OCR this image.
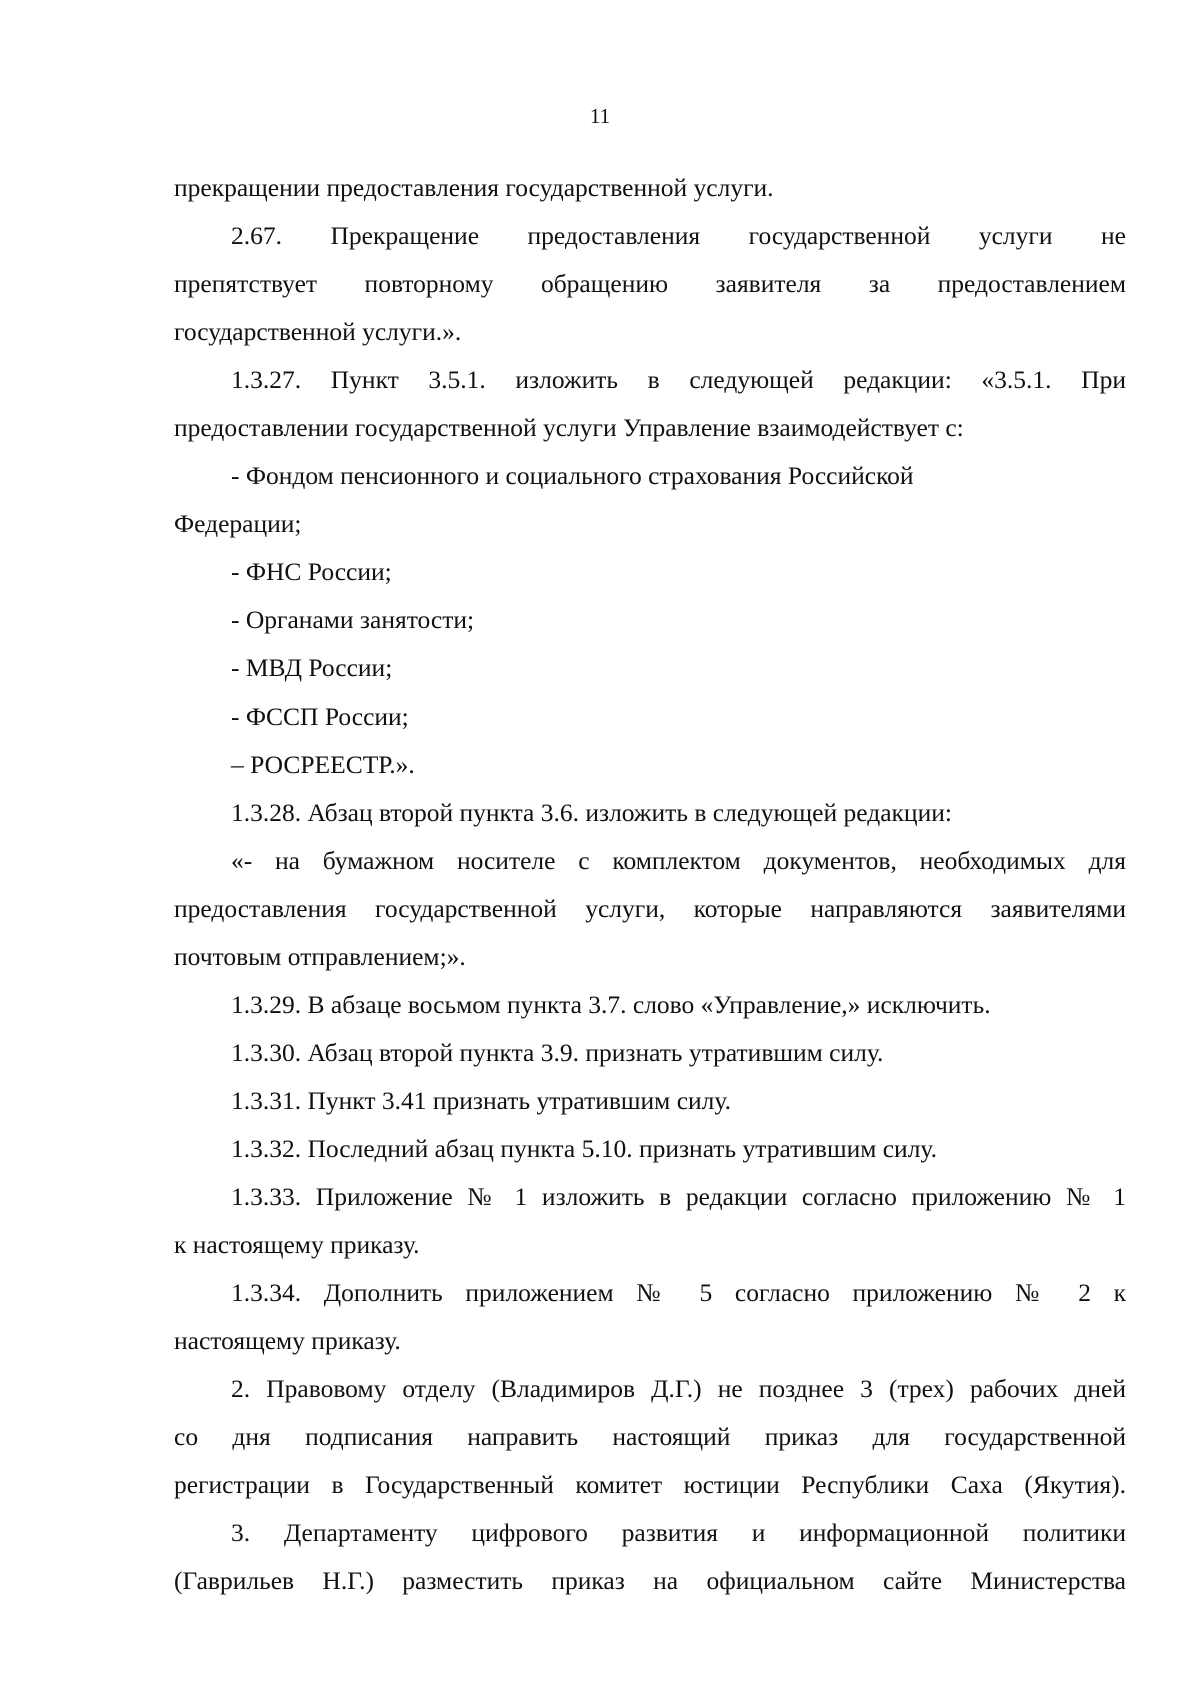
11
прекращении предоставления государственной услуги.
2.67. Прекращение предоставления государственной услуги не
препятствует повторному обращению заявителя за предоставлением
государственной услуги.».
1.3.27. Пункт 3.5.1. изложить в следующей редакции: «3.5.1. При
предоставлении государственной услуги Управление взаимодействует с:
- Фондом пенсионного и социального страхования Российской
Федерации;
- ФНС России;
- Органами занятости;
- МВД России;
- ФССП России;
– РОСРЕЕСТР.».
1.3.28. Абзац второй пункта 3.6. изложить в следующей редакции:
«- на бумажном носителе с комплектом документов, необходимых для
предоставления государственной услуги, которые направляются заявителями
почтовым отправлением;».
1.3.29. В абзаце восьмом пункта 3.7. слово «Управление,» исключить.
1.3.30. Абзац второй пункта 3.9. признать утратившим силу.
1.3.31. Пункт 3.41 признать утратившим силу.
1.3.32. Последний абзац пункта 5.10. признать утратившим силу.
1.3.33. Приложение № 1 изложить в редакции согласно приложению № 1
к настоящему приказу.
1.3.34. Дополнить приложением № 5 согласно приложению № 2 к
настоящему приказу.
2. Правовому отделу (Владимиров Д.Г.) не позднее 3 (трех) рабочих дней
со дня подписания направить настоящий приказ для государственной
регистрации в Государственный комитет юстиции Республики Саха (Якутия).
3. Департаменту цифрового развития и информационной политики
(Гаврильев Н.Г.) разместить приказ на официальном сайте Министерства
